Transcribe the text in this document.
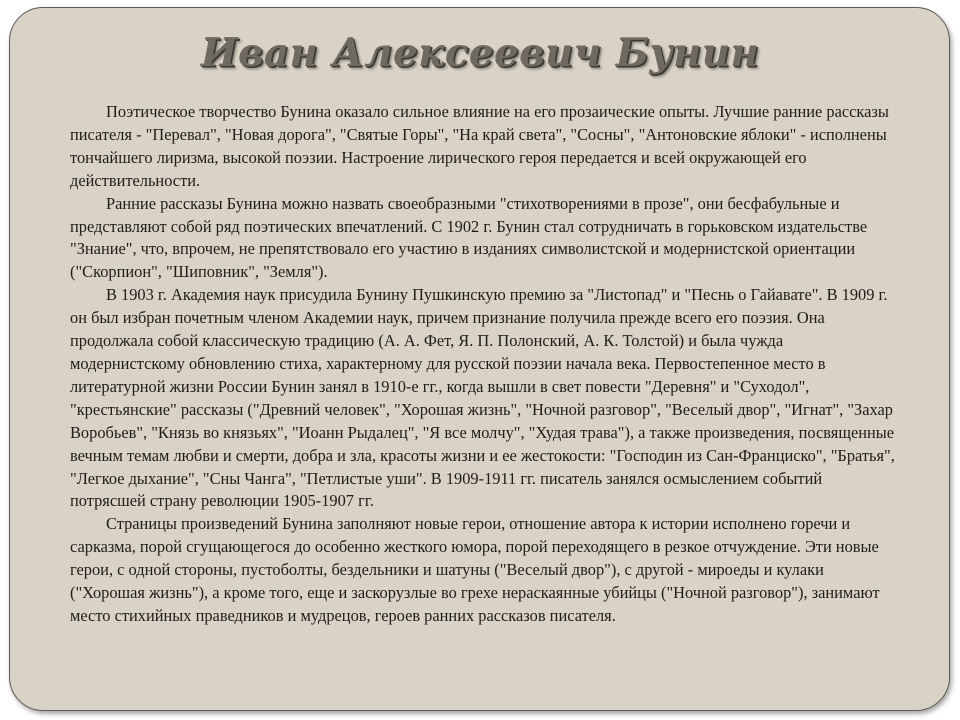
Иван Алексеевич Бунин

Поэтическое творчество Бунина оказало сильное влияние на его прозаические опыты. Лучшие ранние рассказы писателя - "Перевал", "Новая дорога", "Святые Горы", "На край света", "Сосны", "Антоновские яблоки" - исполнены тончайшего лиризма, высокой поэзии. Настроение лирического героя передается и всей окружающей его действительности.

Ранние рассказы Бунина можно назвать своеобразными "стихотворениями в прозе", они бесфабульные и представляют собой ряд поэтических впечатлений. С 1902 г. Бунин стал сотрудничать в горьковском издательстве "Знание", что, впрочем, не препятствовало его участию в изданиях символистской и модернистской ориентации ("Скорпион", "Шиповник", "Земля").

В 1903 г. Академия наук присудила Бунину Пушкинскую премию за "Листопад" и "Песнь о Гайавате". В 1909 г. он был избран почетным членом Академии наук, причем признание получила прежде всего его поэзия. Она продолжала собой классическую традицию (А. А. Фет, Я. П. Полонский, А. К. Толстой) и была чужда модернистскому обновлению стиха, характерному для русской поэзии начала века. Первостепенное место в литературной жизни России Бунин занял в 1910-е гг., когда вышли в свет повести "Деревня" и "Суходол", "крестьянские" рассказы ("Древний человек", "Хорошая жизнь", "Ночной разговор", "Веселый двор", "Игнат", "Захар Воробьев", "Князь во князьях", "Иоанн Рыдалец", "Я все молчу", "Худая трава"), а также произведения, посвященные вечным темам любви и смерти, добра и зла, красоты жизни и ее жестокости: "Господин из Сан-Франциско", "Братья", "Легкое дыхание", "Сны Чанга", "Петлистые уши". В 1909-1911 гг. писатель занялся осмыслением событий потрясшей страну революции 1905-1907 гг.

Страницы произведений Бунина заполняют новые герои, отношение автора к истории исполнено горечи и сарказма, порой сгущающегося до особенно жесткого юмора, порой переходящего в резкое отчуждение. Эти новые герои, с одной стороны, пустоболты, бездельники и шатуны ("Веселый двор"), с другой - мироеды и кулаки ("Хорошая жизнь"), а кроме того, еще и заскорузлые во грехе нераскаянные убийцы ("Ночной разговор"), занимают место стихийных праведников и мудрецов, героев ранних рассказов писателя.
